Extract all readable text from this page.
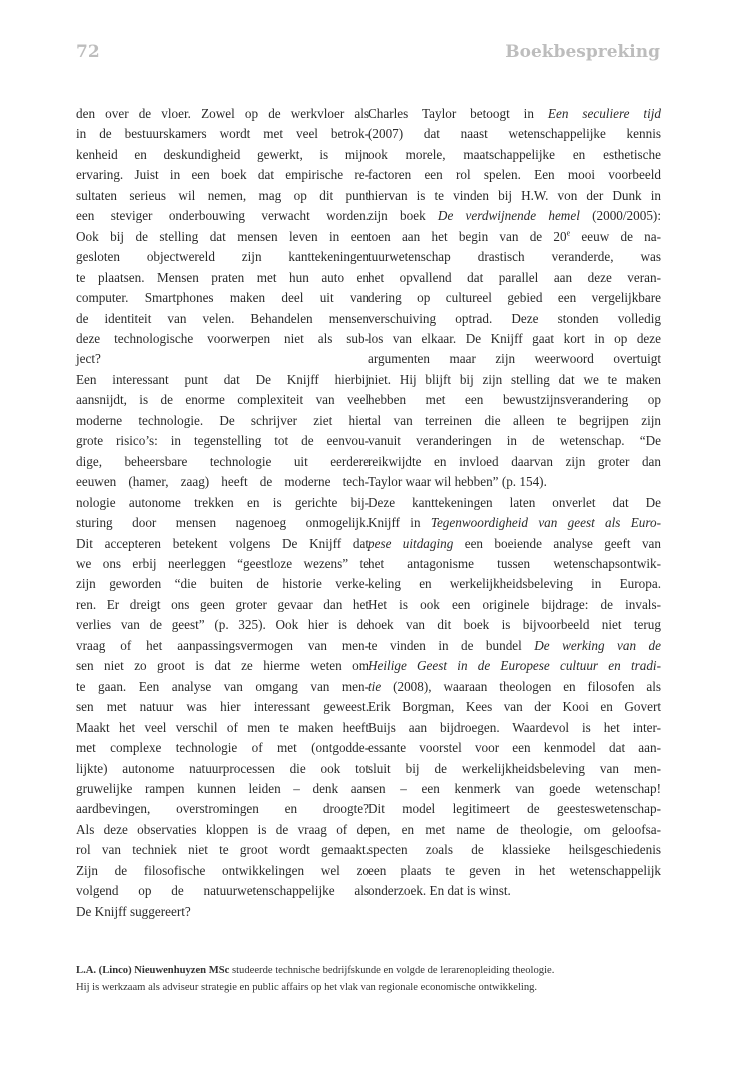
72	Boekbespreking
den over de vloer. Zowel op de werkvloer als
in de bestuurskamers wordt met veel betrok-
kenheid en deskundigheid gewerkt, is mijn
ervaring. Juist in een boek dat empirische re-
sultaten serieus wil nemen, mag op dit punt
een steviger onderbouwing verwacht worden.
Ook bij de stelling dat mensen leven in een
gesloten objectwereld zijn kanttekeningen
te plaatsen. Mensen praten met hun auto en
computer. Smartphones maken deel uit van
de identiteit van velen. Behandelen mensen
deze technologische voorwerpen niet als sub-
ject?
Een interessant punt dat De Knijff hierbij
aansnijdt, is de enorme complexiteit van veel
moderne technologie. De schrijver ziet hier
grote risico’s: in tegenstelling tot de eenvou-
dige, beheersbare technologie uit eerdere
eeuwen (hamer, zaag) heeft de moderne tech-
nologie autonome trekken en is gerichte bij-
sturing door mensen nagenoeg onmogelijk.
Dit accepteren betekent volgens De Knijff dat
we ons erbij neerleggen “geestloze wezens” te
zijn geworden “die buiten de historie verke-
ren. Er dreigt ons geen groter gevaar dan het
verlies van de geest” (p. 325). Ook hier is de
vraag of het aanpassingsvermogen van men-
sen niet zo groot is dat ze hierme weten om
te gaan. Een analyse van omgang van men-
sen met natuur was hier interessant geweest.
Maakt het veel verschil of men te maken heeft
met complexe technologie of met (ontgodde-
lijkte) autonome natuurprocessen die ook tot
gruwelijke rampen kunnen leiden – denk aan
aardbevingen, overstromingen en droogte?
Als deze observaties kloppen is de vraag of de
rol van techniek niet te groot wordt gemaakt.
Zijn de filosofische ontwikkelingen wel zo
volgend op de natuurwetenschappelijke als
De Knijff suggereert?
Charles Taylor betoogt in Een seculiere tijd
(2007) dat naast wetenschappelijke kennis
ook morele, maatschappelijke en esthetische
factoren een rol spelen. Een mooi voorbeeld
hiervan is te vinden bij H.W. von der Dunk in
zijn boek De verdwijnende hemel (2000/2005):
toen aan het begin van de 20e eeuw de na-
tuurwetenschap drastisch veranderde, was
het opvallend dat parallel aan deze veran-
dering op cultureel gebied een vergelijkbare
verschuiving optrad. Deze stonden volledig
los van elkaar. De Knijff gaat kort in op deze
argumenten maar zijn weerwoord overtuigt
niet. Hij blijft bij zijn stelling dat we te maken
hebben met een bewustzijnsverandering op
tal van terreinen die alleen te begrijpen zijn
vanuit veranderingen in de wetenschap. “De
reikwijdte en invloed daarvan zijn groter dan
Taylor waar wil hebben” (p. 154).
Deze kanttekeningen laten onverlet dat De
Knijff in Tegenwoordigheid van geest als Euro-
pese uitdaging een boeiende analyse geeft van
het antagonisme tussen wetenschapsontwik-
keling en werkelijkheidsbeleving in Europa.
Het is ook een originele bijdrage: de invals-
hoek van dit boek is bijvoorbeeld niet terug
te vinden in de bundel De werking van de
Heilige Geest in de Europese cultuur en tradi-
tie (2008), waaraan theologen en filosofen als
Erik Borgman, Kees van der Kooi en Govert
Buijs aan bijdroegen. Waardevol is het inter-
essante voorstel voor een kenmodel dat aan-
sluit bij de werkelijkheidsbeleving van men-
sen – een kenmerk van goede wetenschap!
Dit model legitimeert de geesteswetenschap-
pen, en met name de theologie, om geloofsa-
specten zoals de klassieke heilsgeschiedenis
een plaats te geven in het wetenschappelijk
onderzoek. En dat is winst.
L.A. (Linco) Nieuwenhuyzen MSc studeerde technische bedrijfskunde en volgde de lerarenopleiding theologie.
Hij is werkzaam als adviseur strategie en public affairs op het vlak van regionale economische ontwikkeling.
